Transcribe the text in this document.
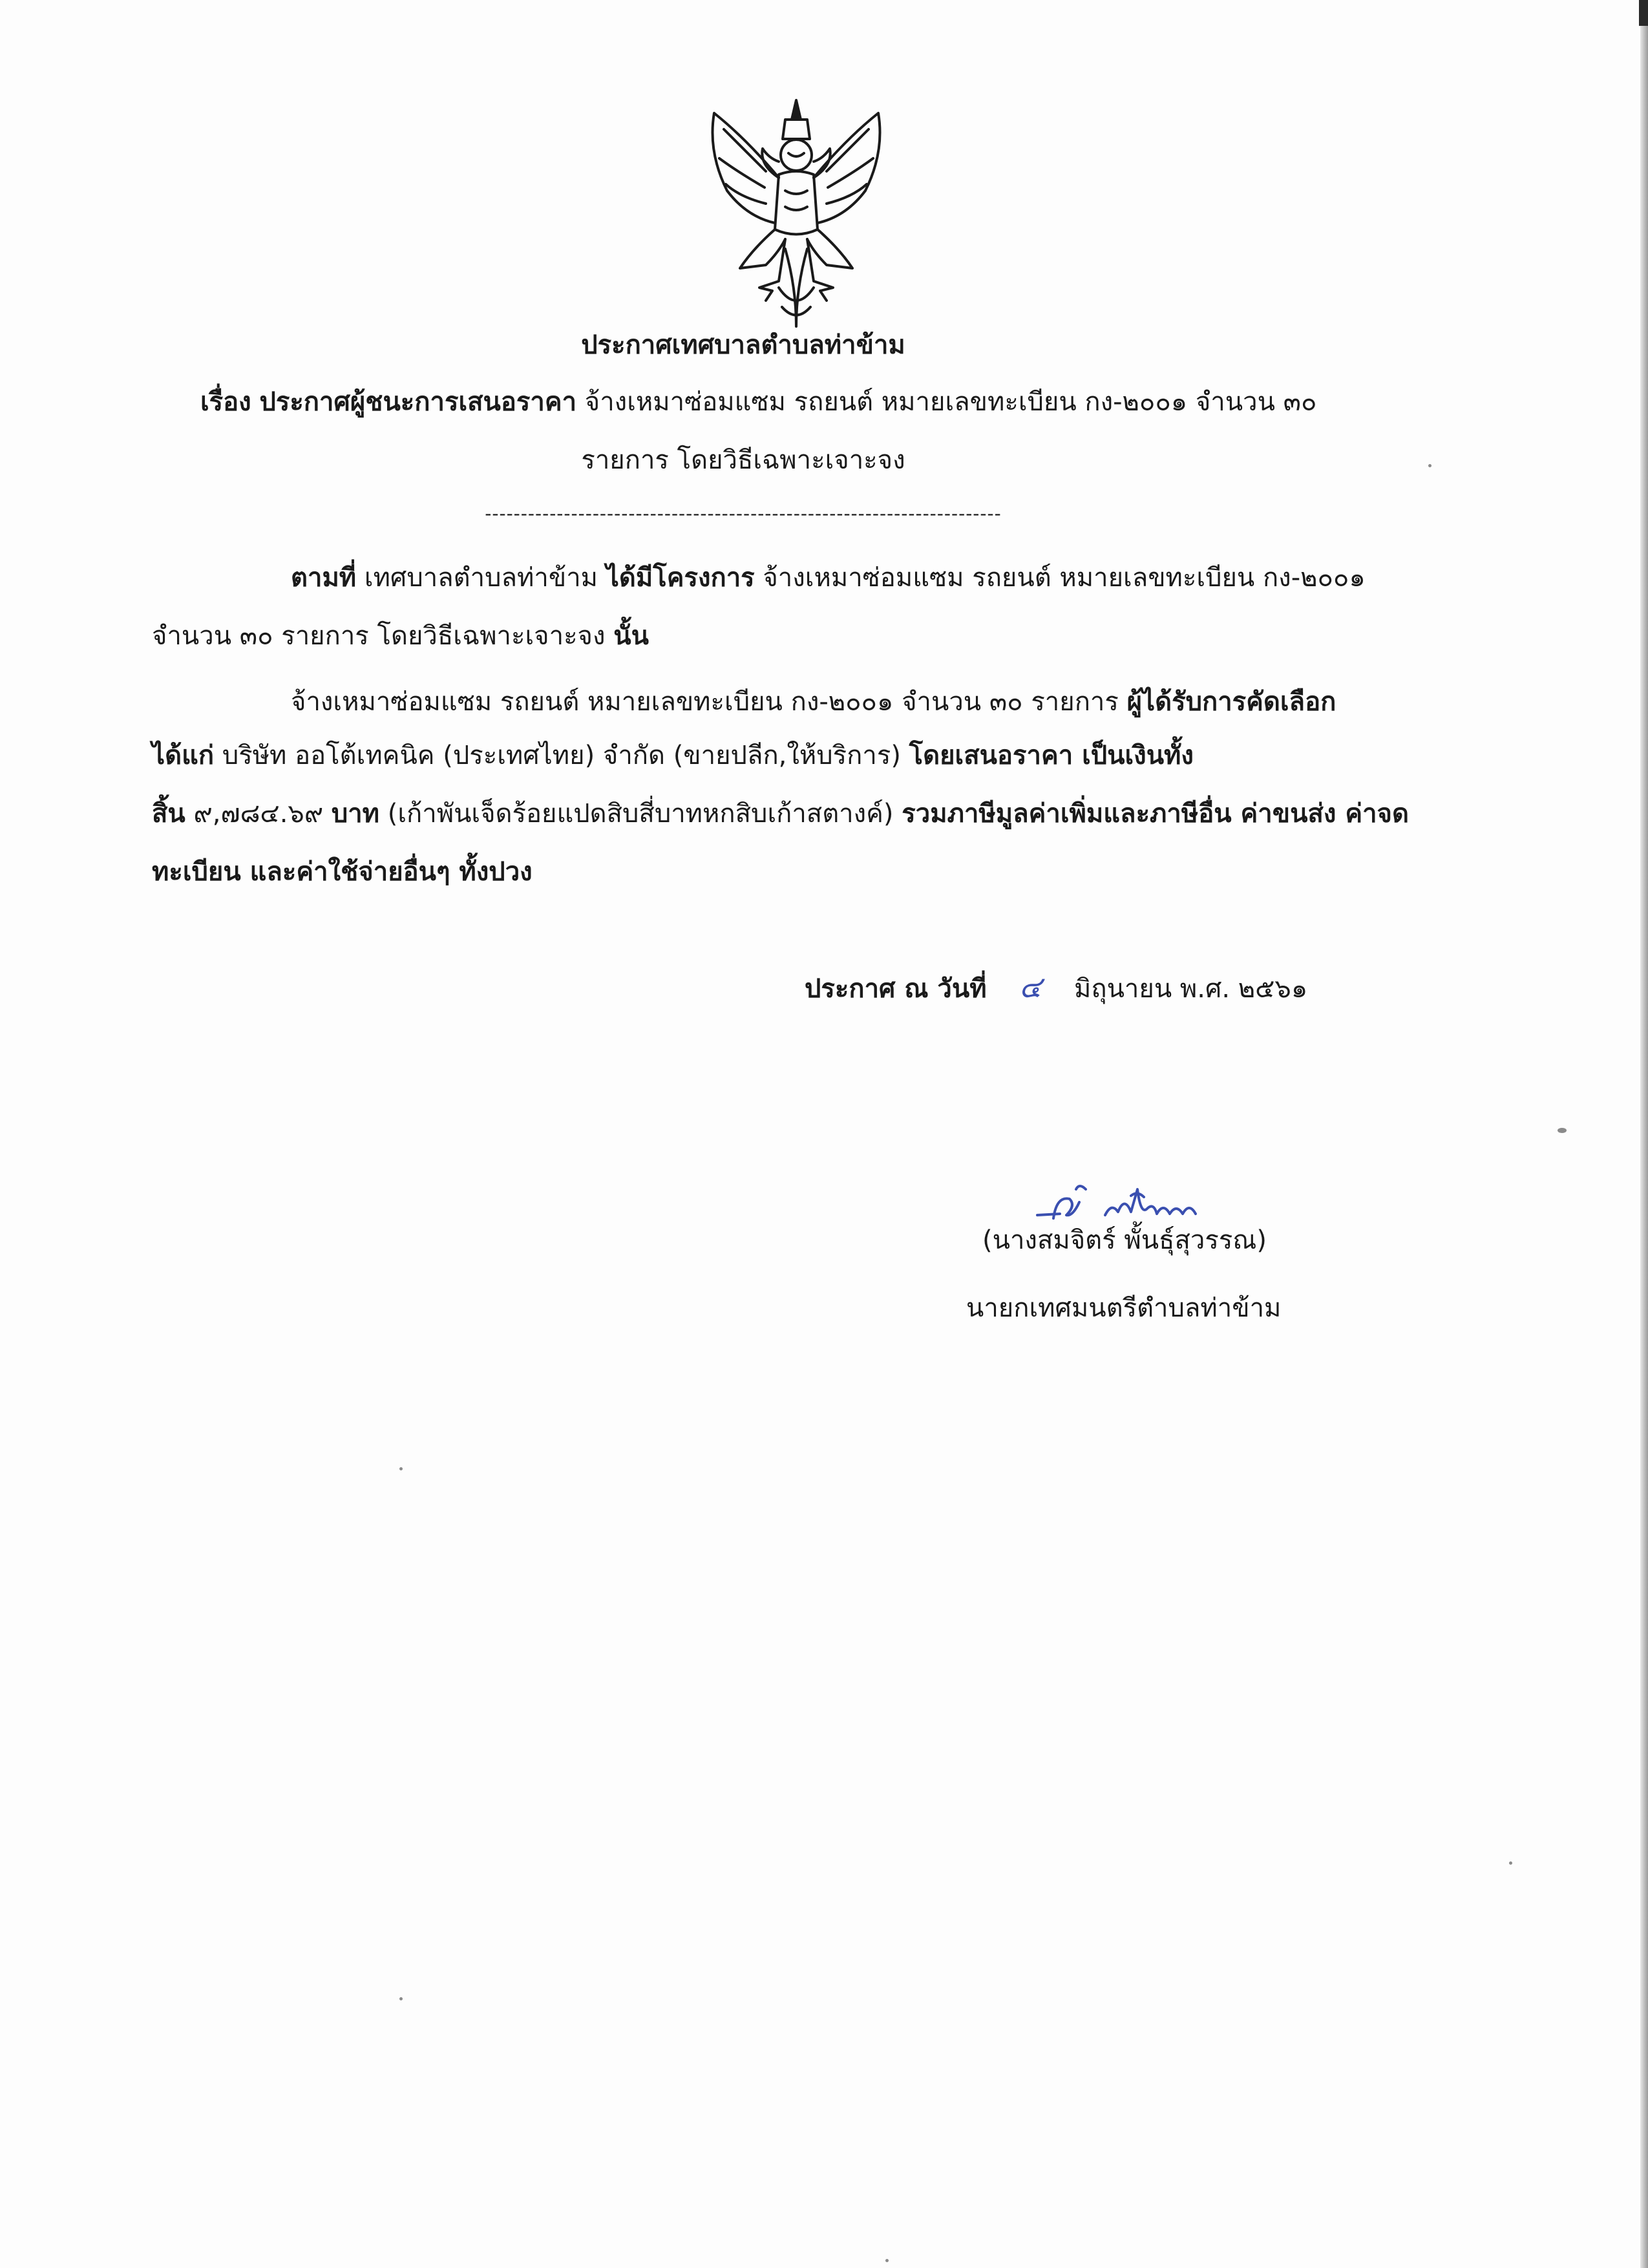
ประกาศเทศบาลตำบลท่าข้าม
เรื่อง ประกาศผู้ชนะการเสนอราคา จ้างเหมาซ่อมแซม รถยนต์ หมายเลขทะเบียน กง-๒๐๐๑ จำนวน ๓๐
รายการ โดยวิธีเฉพาะเจาะจง
------------------------------------------------------------------------
ตามที่ เทศบาลตำบลท่าข้าม ได้มีโครงการ จ้างเหมาซ่อมแซม รถยนต์ หมายเลขทะเบียน กง-๒๐๐๑
จำนวน ๓๐ รายการ โดยวิธีเฉพาะเจาะจง นั้น
จ้างเหมาซ่อมแซม รถยนต์ หมายเลขทะเบียน กง-๒๐๐๑ จำนวน ๓๐ รายการ ผู้ได้รับการคัดเลือก
ได้แก่ บริษัท ออโต้เทคนิค (ประเทศไทย) จำกัด (ขายปลีก,ให้บริการ) โดยเสนอราคา เป็นเงินทั้ง
สิ้น ๙,๗๘๔.๖๙ บาท (เก้าพันเจ็ดร้อยแปดสิบสี่บาทหกสิบเก้าสตางค์) รวมภาษีมูลค่าเพิ่มและภาษีอื่น ค่าขนส่ง ค่าจด
ทะเบียน และค่าใช้จ่ายอื่นๆ ทั้งปวง
ประกาศ ณ วันที่ ๔ มิถุนายน พ.ศ. ๒๕๖๑
(นางสมจิตร์ พั้นธุ์สุวรรณ)
นายกเทศมนตรีตำบลท่าข้าม
